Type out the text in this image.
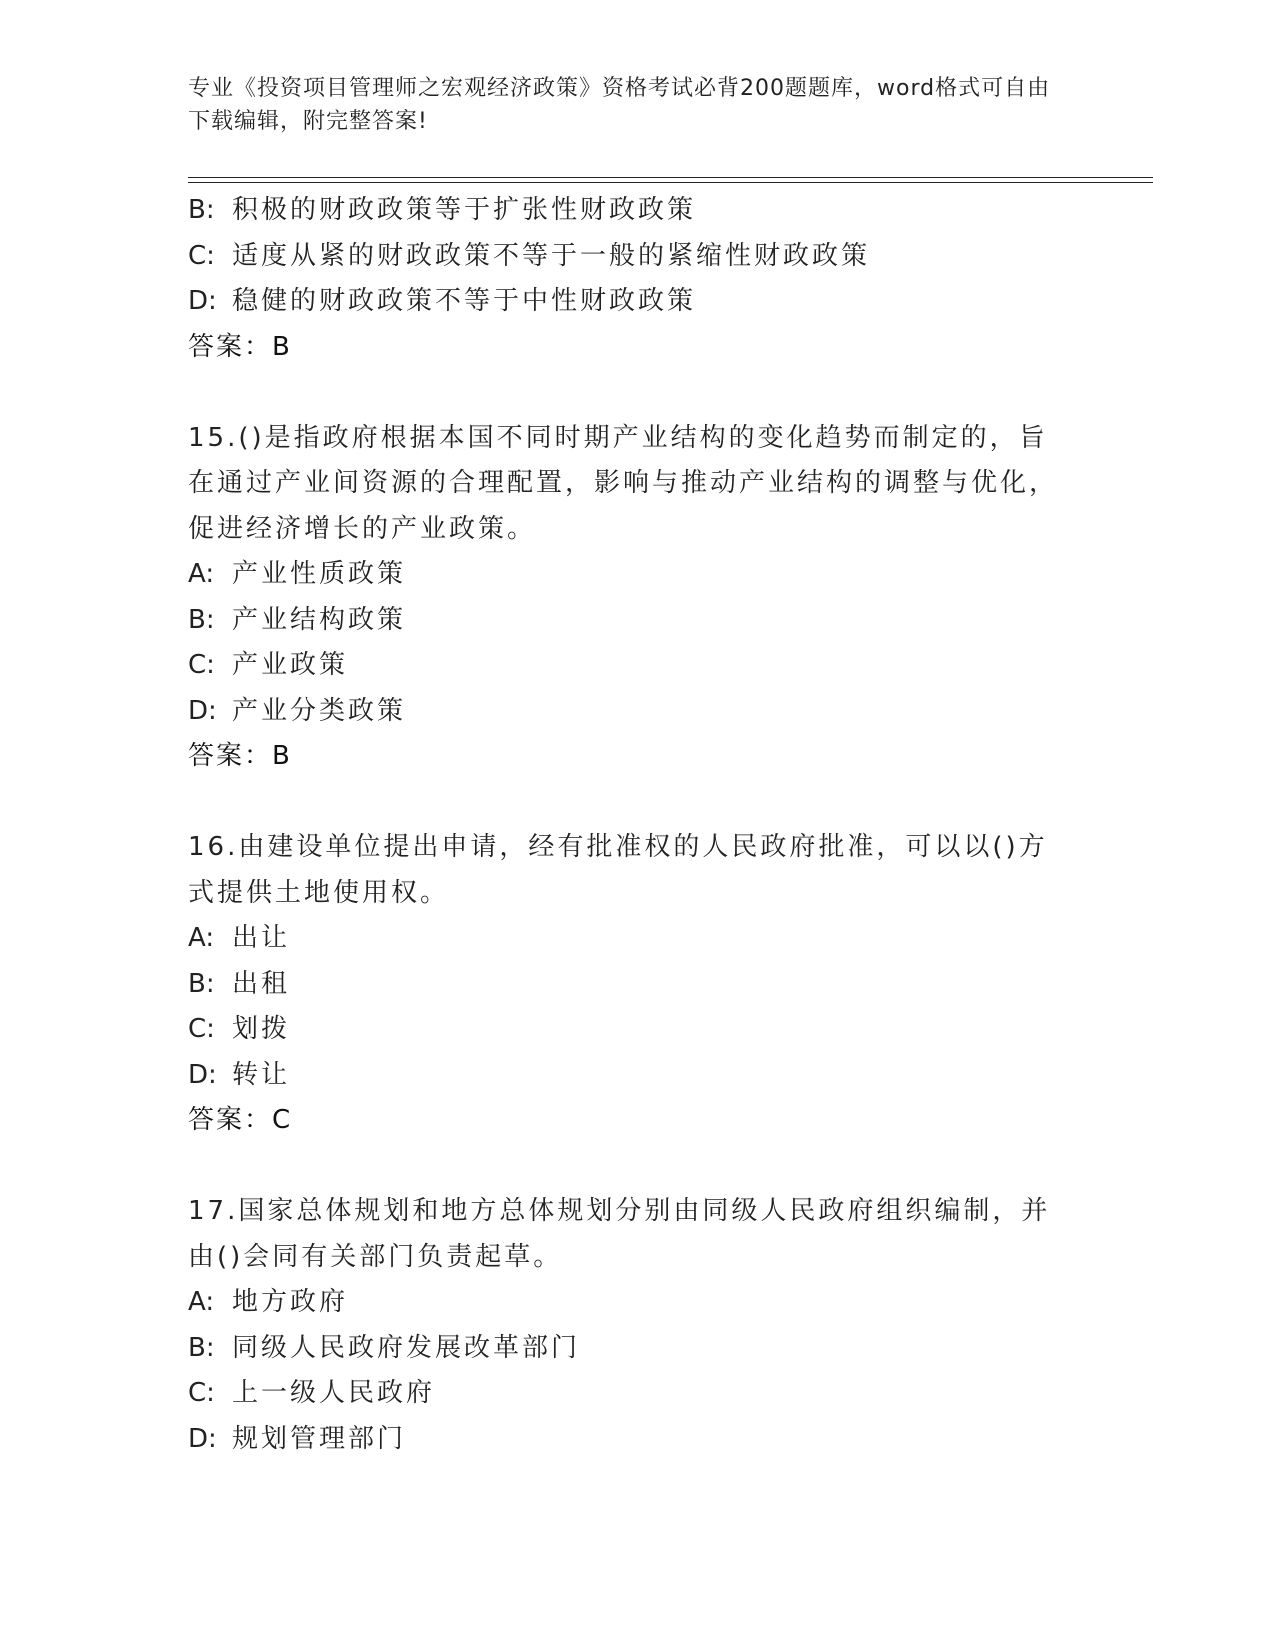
专业《投资项目管理师之宏观经济政策》资格考试必背200题题库，word格式可自由下载编辑，附完整答案!
B: 积极的财政政策等于扩张性财政政策
C: 适度从紧的财政政策不等于一般的紧缩性财政政策
D: 稳健的财政政策不等于中性财政政策
答案：B
15.()是指政府根据本国不同时期产业结构的变化趋势而制定的，旨在通过产业间资源的合理配置，影响与推动产业结构的调整与优化，促进经济增长的产业政策。
A: 产业性质政策
B: 产业结构政策
C: 产业政策
D: 产业分类政策
答案：B
16.由建设单位提出申请，经有批准权的人民政府批准，可以以()方式提供土地使用权。
A: 出让
B: 出租
C: 划拨
D: 转让
答案：C
17.国家总体规划和地方总体规划分别由同级人民政府组织编制，并由()会同有关部门负责起草。
A: 地方政府
B: 同级人民政府发展改革部门
C: 上一级人民政府
D: 规划管理部门
